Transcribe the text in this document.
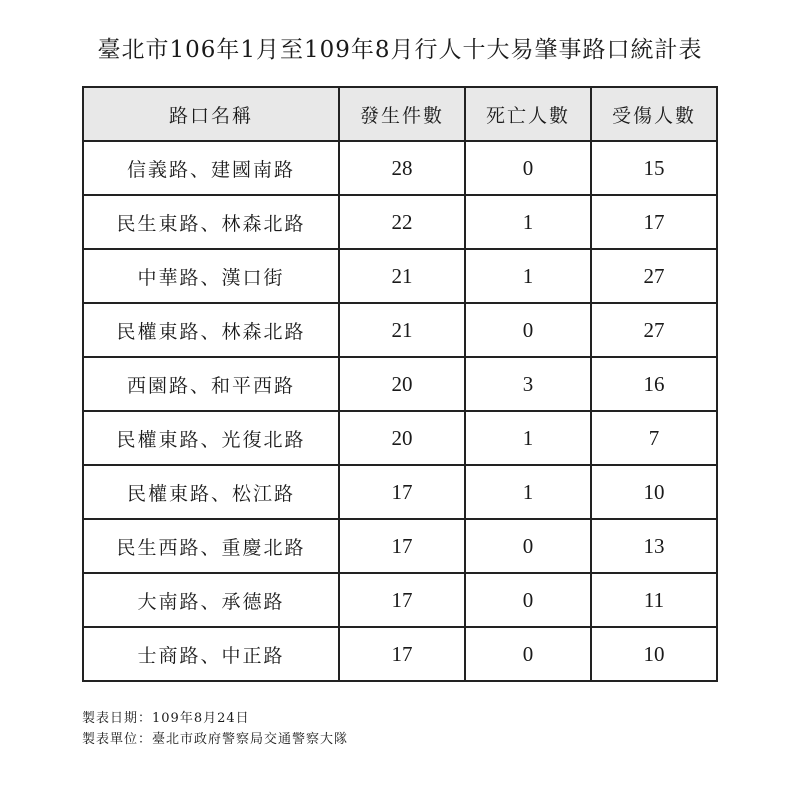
臺北市106年1月至109年8月行人十大易肇事路口統計表
路口名稱	發生件數	死亡人數	受傷人數
信義路、建國南路	28	0	15
民生東路、林森北路	22	1	17
中華路、漢口街	21	1	27
民權東路、林森北路	21	0	27
西園路、和平西路	20	3	16
民權東路、光復北路	20	1	7
民權東路、松江路	17	1	10
民生西路、重慶北路	17	0	13
大南路、承德路	17	0	11
士商路、中正路	17	0	10
製表日期：109年8月24日
製表單位：臺北市政府警察局交通警察大隊
